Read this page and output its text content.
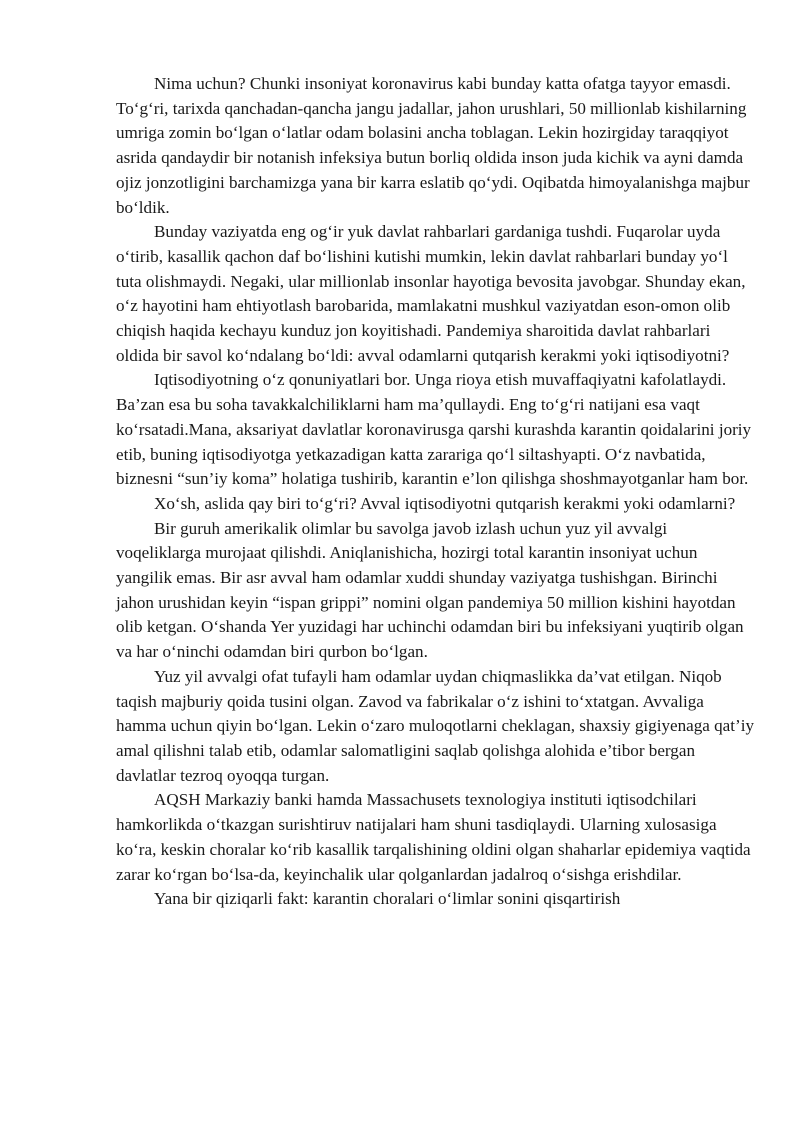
Nima uchun? Chunki insoniyat koronavirus kabi bunday katta ofatga tayyor emasdi. To‘g‘ri, tarixda qanchadan-qancha jangu jadallar, jahon urushlari, 50 millionlab kishilarning umriga zomin bo‘lgan o‘latlar odam bolasini ancha toblagan. Lekin hozirgiday taraqqiyot asrida qandaydir bir notanish infeksiya butun borliq oldida inson juda kichik va ayni damda ojiz jonzotligini barchamizga yana bir karra eslatib qo‘ydi. Oqibatda himoyalanishga majbur bo‘ldik.

Bunday vaziyatda eng og‘ir yuk davlat rahbarlari gardaniga tushdi. Fuqarolar uyda o‘tirib, kasallik qachon daf bo‘lishini kutishi mumkin, lekin davlat rahbarlari bunday yo‘l tuta olishmaydi. Negaki, ular millionlab insonlar hayotiga bevosita javobgar. Shunday ekan, o‘z hayotini ham ehtiyotlash barobarida, mamlakatni mushkul vaziyatdan eson-omon olib chiqish haqida kechayu kunduz jon koyitishadi. Pandemiya sharoitida davlat rahbarlari oldida bir savol ko‘ndalang bo‘ldi: avval odamlarni qutqarish kerakmi yoki iqtisodiyotni?

Iqtisodiyotning o‘z qonuniyatlari bor. Unga rioya etish muvaffaqiyatni kafolatlaydi. Ba’zan esa bu soha tavakkalchiliklarni ham ma’qullaydi. Eng to‘g‘ri natijani esa vaqt ko‘rsatadi.Mana, aksariyat davlatlar koronavirusga qarshi kurashda karantin qoidalarini joriy etib, buning iqtisodiyotga yetkazadigan katta zarariga qo‘l siltashyapti. O‘z navbatida, biznesni “sun’iy koma” holatiga tushirib, karantin e’lon qilishga shoshmayotganlar ham bor.

Xo‘sh, aslida qay biri to‘g‘ri? Avval iqtisodiyotni qutqarish kerakmi yoki odamlarni?

Bir guruh amerikalik olimlar bu savolga javob izlash uchun yuz yil avvalgi voqeliklarga murojaat qilishdi. Aniqlanishicha, hozirgi total karantin insoniyat uchun yangilik emas. Bir asr avval ham odamlar xuddi shunday vaziyatga tushishgan. Birinchi jahon urushidan keyin “ispan grippi” nomini olgan pandemiya 50 million kishini hayotdan olib ketgan. O‘shanda Yer yuzidagi har uchinchi odamdan biri bu infeksiyani yuqtirib olgan va har o‘ninchi odamdan biri qurbon bo‘lgan.

Yuz yil avvalgi ofat tufayli ham odamlar uydan chiqmaslikka da’vat etilgan. Niqob taqish majburiy qoida tusini olgan. Zavod va fabrikalar o‘z ishini to‘xtatgan. Avvaliga hamma uchun qiyin bo‘lgan. Lekin o‘zaro muloqotlarni cheklagan, shaxsiy gigiyenaga qat’iy amal qilishni talab etib, odamlar salomatligini saqlab qolishga alohida e’tibor bergan davlatlar tezroq oyoqqa turgan.

AQSH Markaziy banki hamda Massachusets texnologiya instituti iqtisodchilari hamkorlikda o‘tkazgan surishtiruv natijalari ham shuni tasdiqlaydi. Ularning xulosasiga ko‘ra, keskin choralar ko‘rib kasallik tarqalishining oldini olgan shaharlar epidemiya vaqtida zarar ko‘rgan bo‘lsa-da, keyinchalik ular qolganlardan jadalroq o‘sishga erishdilar.

Yana bir qiziqarli fakt: karantin choralari o‘limlar sonini qisqartirish
